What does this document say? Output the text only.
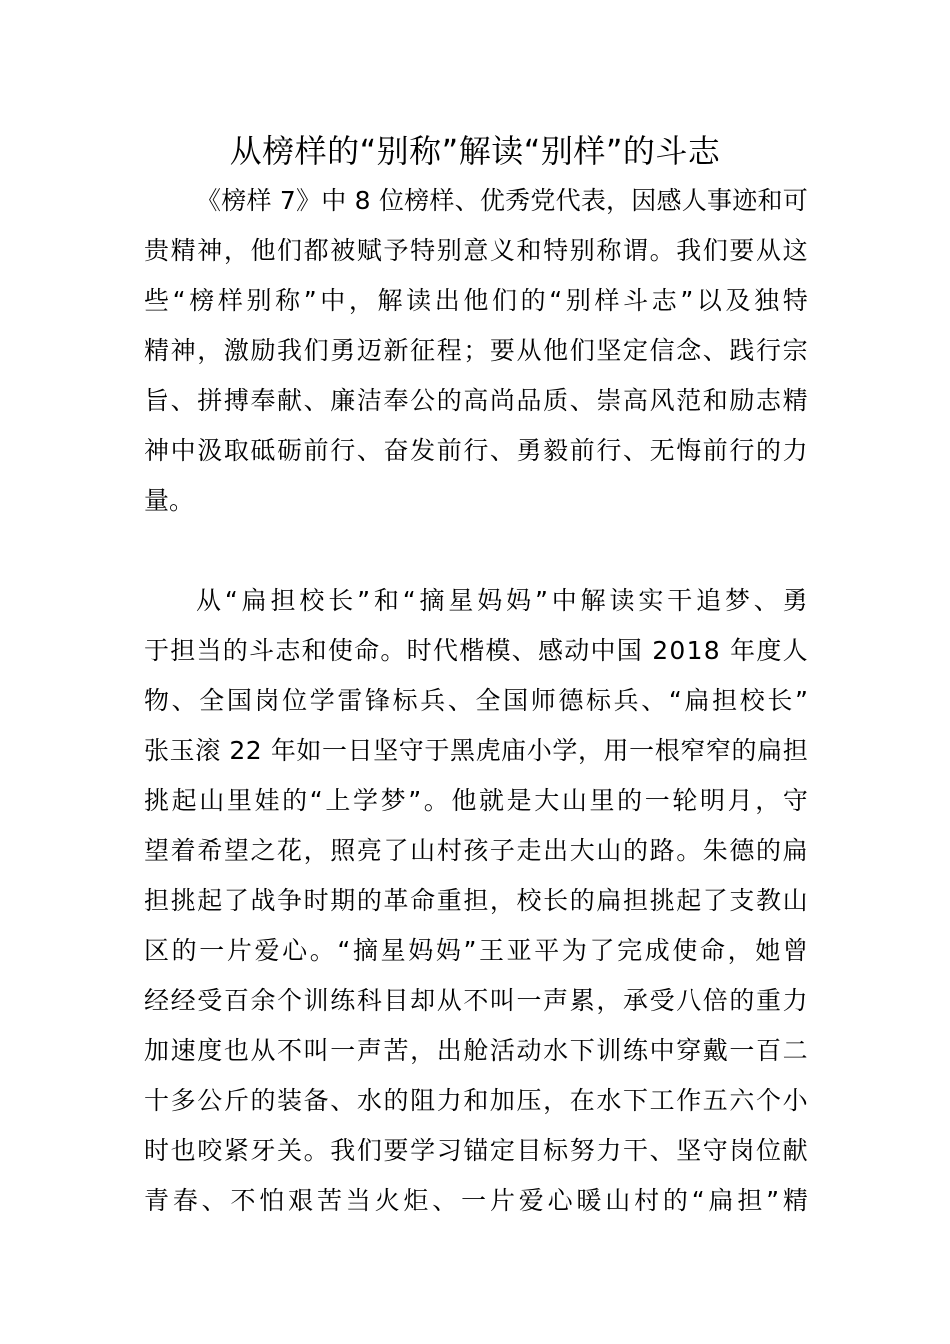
从榜样的“别称”解读“别样”的斗志
《 榜 样
7 》 中
8
位 榜 样 、 优 秀 党 代 表 ， 因 感 人 事 迹 和 可
贵 精 神 ， 他 们 都 被 赋 予 特 别 意 义 和 特 别 称 谓 。 我 们 要 从 这
些 “ 榜 样 别 称 ” 中 ， 解 读 出 他 们 的 “ 别 样 斗 志 ” 以 及 独 特
精 神 ， 激 励 我 们 勇 迈 新 征 程 ； 要 从 他 们 坚 定 信 念 、 践 行 宗
旨 、 拼 搏 奉 献 、 廉 洁 奉 公 的 高 尚 品 质 、 崇 高 风 范 和 励 志 精
神 中 汲 取 砥 砺 前 行 、 奋 发 前 行 、 勇 毅 前 行 、 无 悔 前 行 的 力
量。
从 “ 扁 担 校 长 ” 和 “ 摘 星 妈 妈 ” 中 解 读 实 干 追 梦 、 勇
于 担 当 的 斗 志 和 使 命 。 时 代 楷 模 、 感 动 中 国
2 0 1 8
年 度 人
物 、 全 国 岗 位 学 雷 锋 标 兵 、 全 国 师 德 标 兵 、 “ 扁 担 校 长 ”
张 玉 滚
2 2
年 如 一 日 坚 守 于 黑 虎 庙 小 学 ， 用 一 根 窄 窄 的 扁 担
挑 起 山 里 娃 的 “ 上 学 梦 ” 。 他 就 是 大 山 里 的 一 轮 明 月 ， 守
望 着 希 望 之 花 ， 照 亮 了 山 村 孩 子 走 出 大 山 的 路 。 朱 德 的 扁
担 挑 起 了 战 争 时 期 的 革 命 重 担 ， 校 长 的 扁 担 挑 起 了 支 教 山
区 的 一 片 爱 心 。 “ 摘 星 妈 妈 ” 王 亚 平 为 了 完 成 使 命 ， 她 曾
经 经 受 百 余 个 训 练 科 目 却 从 不 叫 一 声 累 ， 承 受 八 倍 的 重 力
加 速 度 也 从 不 叫 一 声 苦 ， 出 舱 活 动 水 下 训 练 中 穿 戴 一 百 二
十 多 公 斤 的 装 备 、 水 的 阻 力 和 加 压 ， 在 水 下 工 作 五 六 个 小
时 也 咬 紧 牙 关 。 我 们 要 学 习 锚 定 目 标 努 力 干 、 坚 守 岗 位 献
青 春 、 不 怕 艰 苦 当 火 炬 、 一 片 爱 心 暖 山 村 的 “ 扁 担 ” 精
